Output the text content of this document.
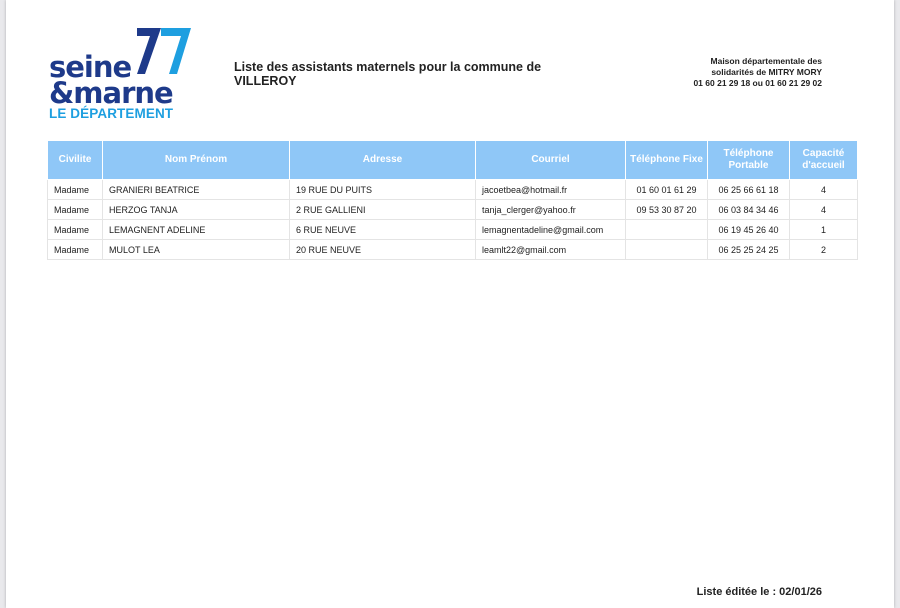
seine
&marne
LE DÉPARTEMENT
Liste des assistants maternels pour la commune de
VILLEROY
Maison départementale des
solidarités de MITRY MORY
01 60 21 29 18 ou 01 60 21 29 02
Civilite	Nom Prénom	Adresse	Courriel	Téléphone Fixe	Téléphone Portable	Capacité d'accueil
Madame	GRANIERI BEATRICE	19 RUE DU PUITS	jacoetbea@hotmail.fr	01 60 01 61 29	06 25 66 61 18	4
Madame	HERZOG TANJA	2 RUE GALLIENI	tanja_clerger@yahoo.fr	09 53 30 87 20	06 03 84 34 46	4
Madame	LEMAGNENT ADELINE	6 RUE NEUVE	lemagnentadeline@gmail.com		06 19 45 26 40	1
Madame	MULOT LEA	20 RUE NEUVE	leamlt22@gmail.com		06 25 25 24 25	2
Liste éditée le : 02/01/26
